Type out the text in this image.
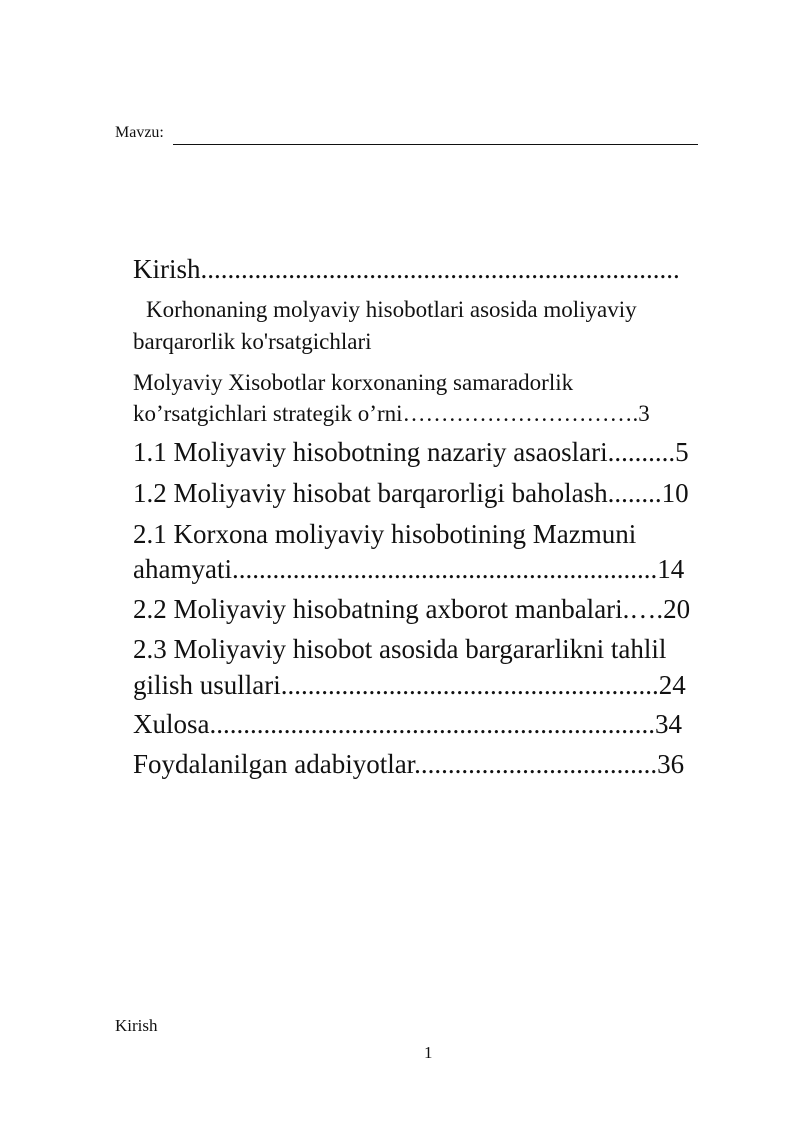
Mavzu:
Kirish.......................................................................
Korhonaning molyaviy hisobotlari asosida moliyaviy
barqarorlik ko'rsatgichlari
Molyaviy Xisobotlar korxonaning samaradorlik
ko’rsatgichlari strategik o’rni………………………….3
1.1 Moliyaviy hisobotning nazariy asaoslari..........5
1.2 Moliyaviy hisobat barqarorligi baholash........10
2.1 Korxona moliyaviy hisobotining Mazmuni
ahamyati...............................................................14
2.2 Moliyaviy hisobatning axborot manbalari.….20
2.3 Moliyaviy hisobot asosida bargararlikni tahlil
gilish usullari........................................................24
Xulosa..................................................................34
Foydalanilgan adabiyotlar....................................36
Kirish
1
